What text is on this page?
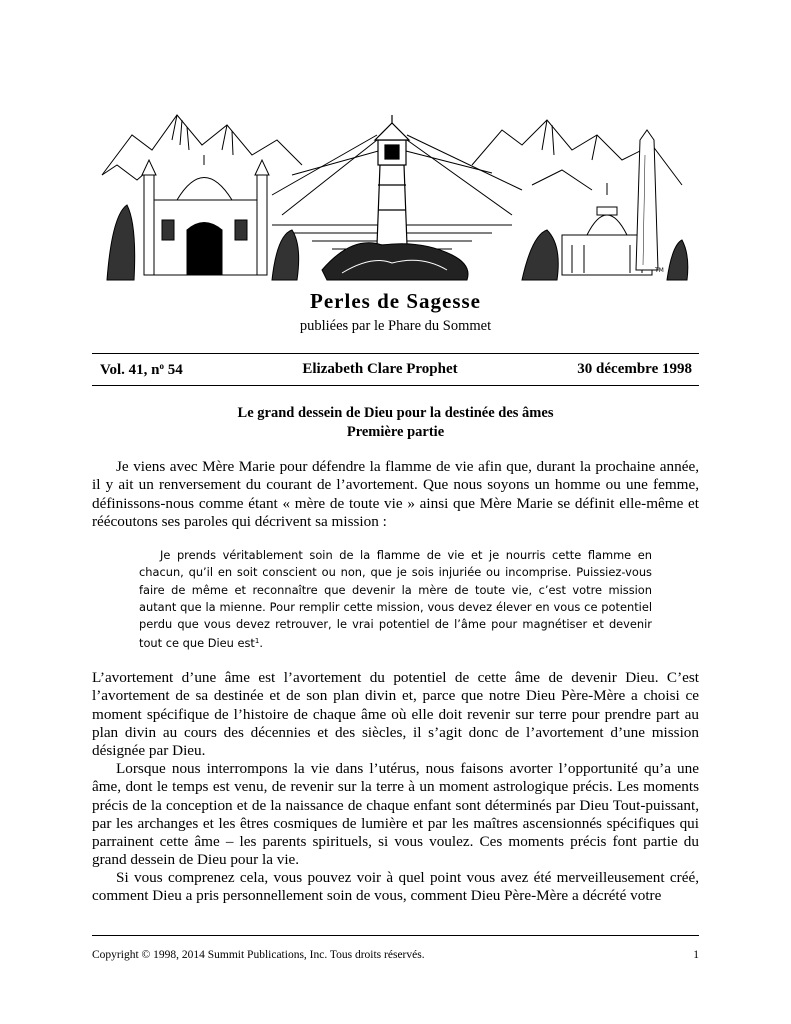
TM
Perles de Sagesse
publiées par le Phare du Sommet
Vol. 41, $n^o$ 54	Elizabeth Clare Prophet	30 décembre 1998
Le grand dessein de Dieu pour la destinée des âmes
Première partie

Je viens avec Mère Marie pour défendre la flamme de vie afin que, durant la prochaine année, il y ait un renversement du courant de l’avortement. Que nous soyons un homme ou une femme, définissons-nous comme étant « mère de toute vie » ainsi que Mère Marie se définit elle-même et réécoutons ses paroles qui décrivent sa mission :

Je prends véritablement soin de la flamme de vie et je nourris cette flamme en chacun, qu’il en soit conscient ou non, que je sois injuriée ou incomprise. Puissiez-vous faire de même et reconnaître que devenir la mère de toute vie, c’est votre mission autant que la mienne. Pour remplir cette mission, vous devez élever en vous ce potentiel perdu que vous devez retrouver, le vrai potentiel de l’âme pour magnétiser et devenir tout ce que Dieu est$^1$.

L’avortement d’une âme est l’avortement du potentiel de cette âme de devenir Dieu. C’est l’avortement de sa destinée et de son plan divin et, parce que notre Dieu Père-Mère a choisi ce moment spécifique de l’histoire de chaque âme où elle doit revenir sur terre pour prendre part au plan divin au cours des décennies et des siècles, il s’agit donc de l’avortement d’une mission désignée par Dieu.

Lorsque nous interrompons la vie dans l’utérus, nous faisons avorter l’opportunité qu’a une âme, dont le temps est venu, de revenir sur la terre à un moment astrologique précis. Les moments précis de la conception et de la naissance de chaque enfant sont déterminés par Dieu Tout-puissant, par les archanges et les êtres cosmiques de lumière et par les maîtres ascensionnés spécifiques qui parrainent cette âme – les parents spirituels, si vous voulez. Ces moments précis font partie du grand dessein de Dieu pour la vie.

Si vous comprenez cela, vous pouvez voir à quel point vous avez été merveilleusement créé, comment Dieu a pris personnellement soin de vous, comment Dieu Père-Mère a décrété votre

Copyright © 1998, 2014 Summit Publications, Inc. Tous droits réservés.	1
